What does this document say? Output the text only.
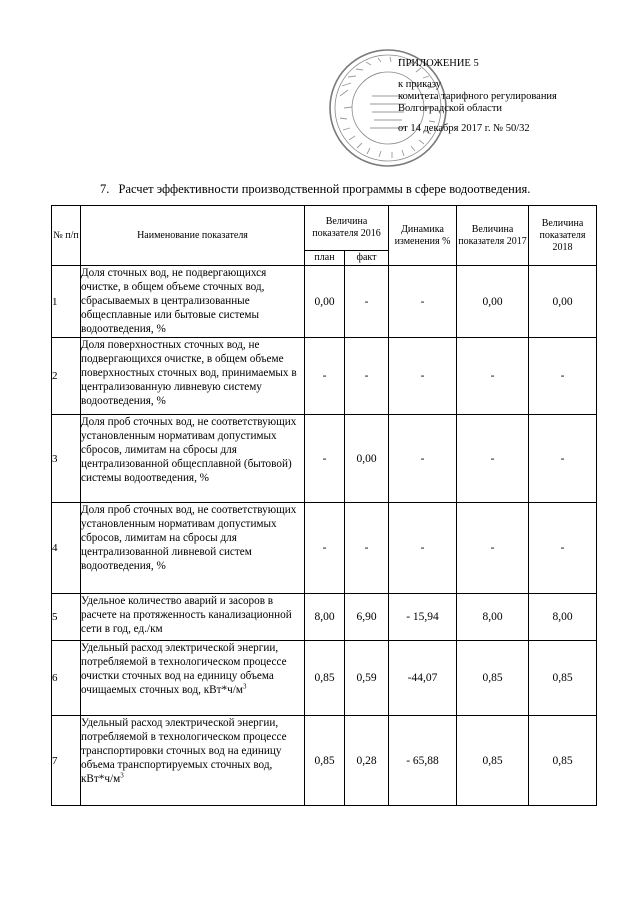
ПРИЛОЖЕНИЕ 5
к приказу
комитета тарифного регулирования
Волгоградской области
от 14 декабря 2017 г. № 50/32
7. Расчет эффективности производственной программы в сфере водоотведения.
№ п/п	Наименование показателя	Величина показателя 2016		Динамика изменения %	Величина показателя 2017	Величина показателя 2018
		план	факт			
1	Доля сточных вод, не подвергающихся очистке, в общем объеме сточных вод, сбрасываемых в централизованные общесплавные или бытовые системы водоотведения, %	0,00	-	-	0,00	0,00
2	Доля поверхностных сточных вод, не подвергающихся очистке, в общем объеме поверхностных сточных вод, принимаемых в централизованную ливневую систему водоотведения, %	-	-	-	-	-
3	Доля проб сточных вод, не соответствующих установленным нормативам допустимых сбросов, лимитам на сбросы для централизованной общесплавной (бытовой) системы водоотведения, %	-	0,00	-	-	-
4	Доля проб сточных вод, не соответствующих установленным нормативам допустимых сбросов, лимитам на сбросы для централизованной ливневой систем водоотведения, %	-	-	-	-	-
5	Удельное количество аварий и засоров в расчете на протяженность канализационной сети в год, ед./км	8,00	6,90	- 15,94	8,00	8,00
6	Удельный расход электрической энергии, потребляемой в технологическом процессе очистки сточных вод на единицу объема очищаемых сточных вод, $кВт*ч/м^3$	0,85	0,59	-44,07	0,85	0,85
7	Удельный расход электрической энергии, потребляемой в технологическом процессе транспортировки сточных вод на единицу объема транспортируемых сточных вод, $кВт*ч/м^3$	0,85	0,28	- 65,88	0,85	0,85
